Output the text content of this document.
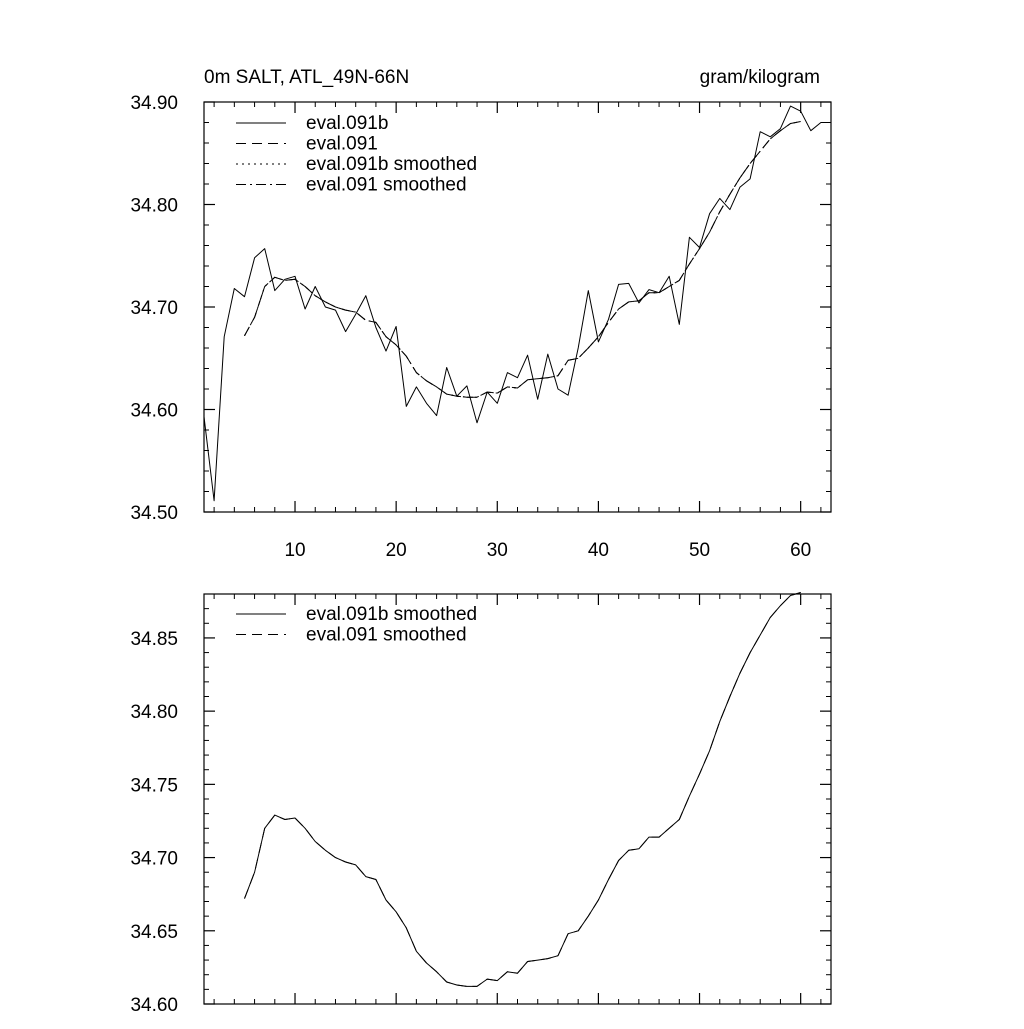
0m SALT, ATL_49N-66N	gram/kilogram
10	20	30	40	50	60
34.50
34.60
34.70
34.80
34.90
eval.091b
eval.091
eval.091b smoothed
eval.091 smoothed
34.60
34.65
34.70
34.75
34.80
34.85
eval.091b smoothed
eval.091 smoothed
